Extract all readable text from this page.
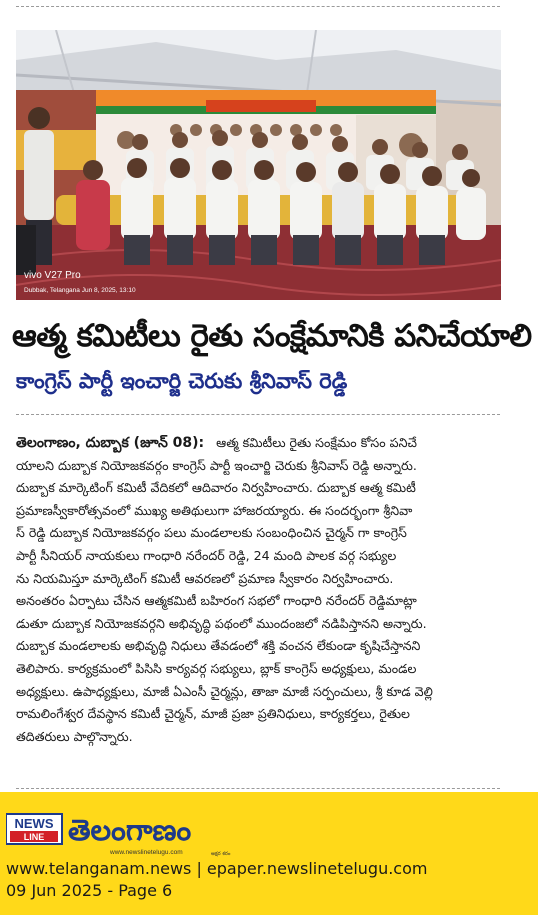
vivo V27 Pro
Dubbak, Telangana Jun 8, 2025, 13:10
ఆత్మ కమిటీలు రైతు సంక్షేమానికి పనిచేయాలి
కాంగ్రెస్ పార్టీ ఇంచార్జి చెరుకు శ్రీనివాస్ రెడ్డి
తెలంగాణం, దుబ్బాక (జూన్ 08): ఆత్మ కమిటీలు రైతు సంక్షేమం కోసం పనిచే
యాలని దుబ్బాక నియోజకవర్గం కాంగ్రెస్ పార్టీ ఇంచార్జి చెరుకు శ్రీనివాస్ రెడ్డి అన్నారు.
దుబ్బాక మార్కెటింగ్ కమిటీ వేదికలో ఆదివారం నిర్వహించారు. దుబ్బాక ఆత్మ కమిటీ
ప్రమాణస్వీకారోత్సవంలో ముఖ్య అతిథులుగా హాజరయ్యారు. ఈ సందర్భంగా శ్రీనివా
స్ రెడ్డి దుబ్బాక నియోజకవర్గం పలు మండలాలకు సంబంధించిన చైర్మన్ గా కాంగ్రెస్
పార్టీ సీనియర్ నాయకులు గాంధారి నరేందర్ రెడ్డి, 24 మంది పాలక వర్గ సభ్యుల
ను నియమిస్తూ మార్కెటింగ్ కమిటీ ఆవరణలో ప్రమాణ స్వీకారం నిర్వహించారు.
అనంతరం ఏర్పాటు చేసిన ఆత్మకమిటీ బహిరంగ సభలో గాంధారి నరేందర్ రెడ్డిమాట్లా
డుతూ దుబ్బాక నియోజకవర్గని అభివృద్ధి పథంలో ముందంజలో నడిపిస్తానని అన్నారు.
దుబ్బాక మండలాలకు అభివృద్ధి నిధులు తేవడంలో శక్తి వంచన లేకుండా కృషిచేస్తానని
తెలిపారు. కార్యక్రమంలో పిసిసి కార్యవర్గ సభ్యులు, బ్లాక్ కాంగ్రెస్ అధ్యక్షులు, మండల
అధ్యక్షులు. ఉపాధ్యక్షులు, మాజీ ఏఎంసీ చైర్మన్లు, తాజా మాజీ సర్పంచులు, శ్రీ కూడ వెల్లి
రామలింగేశ్వర దేవస్థాన కమిటీ చైర్మన్, మాజీ ప్రజా ప్రతినిధులు, కార్యకర్తలు, రైతుల
తదితరులు పాల్గొన్నారు.
NEWS
LINE తెలంగాణం
www.newslinetelugu.com	అక్షర శరం
www.telanganam.news | epaper.newslinetelugu.com
09 Jun 2025 - Page 6
